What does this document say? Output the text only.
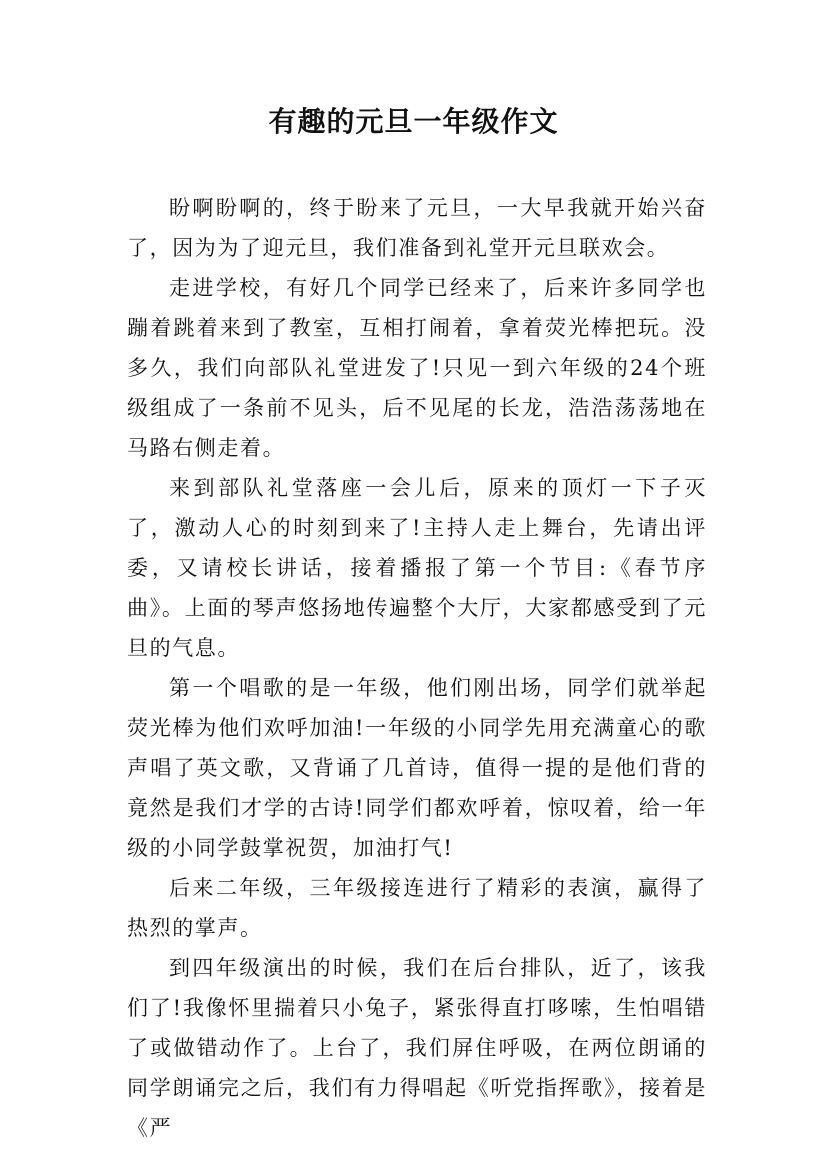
有趣的元旦一年级作文

盼啊盼啊的，终于盼来了元旦，一大早我就开始兴奋了，因为为了迎元旦，我们准备到礼堂开元旦联欢会。

走进学校，有好几个同学已经来了，后来许多同学也蹦着跳着来到了教室，互相打闹着，拿着荧光棒把玩。没多久，我们向部队礼堂进发了!只见一到六年级的24个班级组成了一条前不见头，后不见尾的长龙，浩浩荡荡地在马路右侧走着。

来到部队礼堂落座一会儿后，原来的顶灯一下子灭了，激动人心的时刻到来了!主持人走上舞台，先请出评委，又请校长讲话，接着播报了第一个节目:《春节序曲》。上面的琴声悠扬地传遍整个大厅，大家都感受到了元旦的气息。

第一个唱歌的是一年级，他们刚出场，同学们就举起荧光棒为他们欢呼加油!一年级的小同学先用充满童心的歌声唱了英文歌，又背诵了几首诗，值得一提的是他们背的竟然是我们才学的古诗!同学们都欢呼着，惊叹着，给一年级的小同学鼓掌祝贺，加油打气!

后来二年级，三年级接连进行了精彩的表演，赢得了热烈的掌声。

到四年级演出的时候，我们在后台排队，近了，该我们了!我像怀里揣着只小兔子，紧张得直打哆嗦，生怕唱错了或做错动作了。上台了，我们屏住呼吸，在两位朗诵的同学朗诵完之后，我们有力得唱起《听党指挥歌》，接着是《严
